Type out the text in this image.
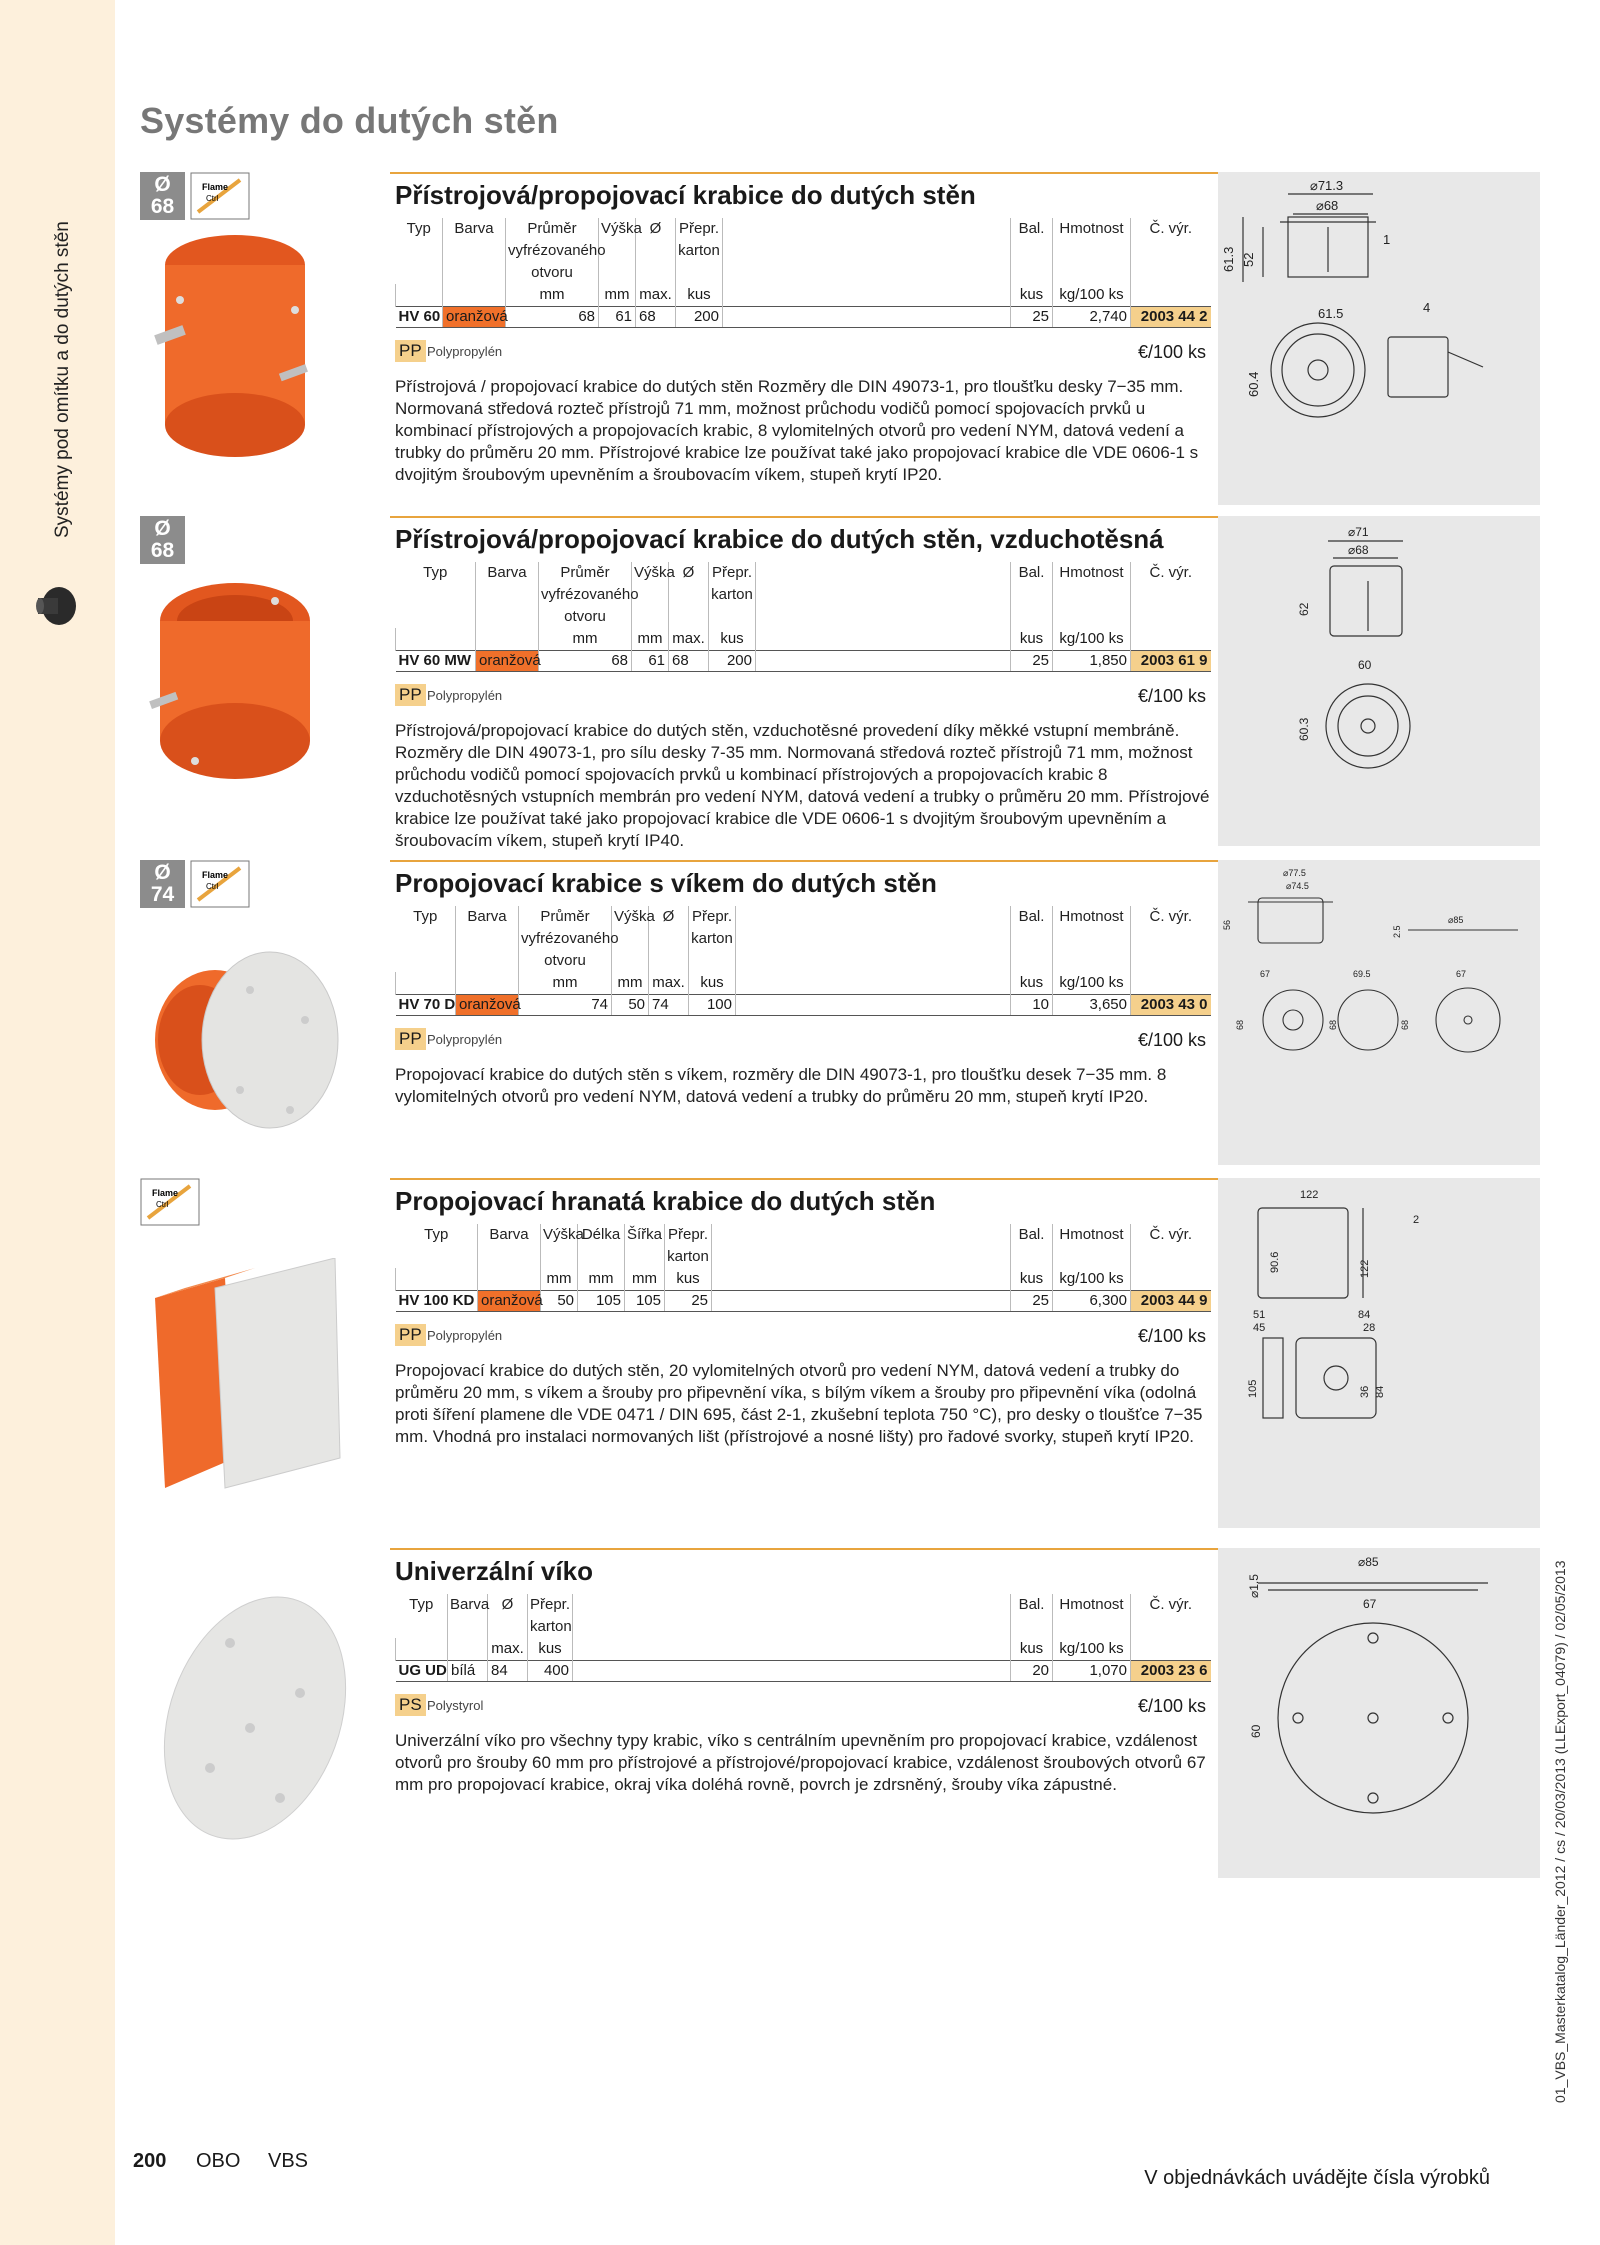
Systémy pod omítku a do dutých stěn
Systémy do dutých stěn
Ø
68
Flame
Ctrl	Přístrojová/propojovací krabice do dutých stěn
Typ	Barva	Průměr vyfrézovaného otvoru	Výška	Ø	Přepr. karton		Bal.	Hmotnost	Č. výr.
		mm	mm	max.	kus		kus	kg/100 ks	
HV 60	oranžová	68	61	68	200		25	2,740	2003 44 2
PP Polypropylén	€/100 ks

Přístrojová / propojovací krabice do dutých stěn Rozměry dle DIN 49073-1, pro tloušťku desky 7−35 mm. Normovaná středová rozteč přístrojů 71 mm, možnost průchodu vodičů pomocí spojovacích prvků u kombinací přístrojových a propojovacích krabic, 8 vylomitelných otvorů pro vedení NYM, datová vedení a trubky do průměru 20 mm. Přístrojové krabice lze používat také jako propojovací krabice dle VDE 0606-1 s dvojitým šroubovým upevněním a šroubovacím víkem, stupeň krytí IP20.

⌀71.3
⌀68
61.3 52
1
61.5	4
60.4
Ø
68	Přístrojová/propojovací krabice do dutých stěn, vzduchotěsná
Typ	Barva	Průměr vyfrézovaného otvoru	Výška	Ø	Přepr. karton		Bal.	Hmotnost	Č. výr.
		mm	mm	max.	kus		kus	kg/100 ks	
HV 60 MW	oranžová	68	61	68	200		25	1,850	2003 61 9
PP Polypropylén	€/100 ks

Přístrojová/propojovací krabice do dutých stěn, vzduchotěsné provedení díky měkké vstupní membráně. Rozměry dle DIN 49073-1, pro sílu desky 7-35 mm. Normovaná středová rozteč přístrojů 71 mm, možnost průchodu vodičů pomocí spojovacích prvků u kombinací přístrojových a propojovacích krabic 8 vzduchotěsných vstupních membrán pro vedení NYM, datová vedení a trubky o průměru 20 mm. Přístrojové krabice lze používat také jako propojovací krabice dle VDE 0606-1 s dvojitým šroubovým upevněním a šroubovacím víkem, stupeň krytí IP40.

⌀71
⌀68
62
60
60.3
Ø
74
Flame
Ctrl	Propojovací krabice s víkem do dutých stěn
Typ	Barva	Průměr vyfrézovaného otvoru	Výška	Ø	Přepr. karton		Bal.	Hmotnost	Č. výr.
		mm	mm	max.	kus		kus	kg/100 ks	
HV 70 D	oranžová	74	50	74	100		10	3,650	2003 43 0
PP Polypropylén	€/100 ks

Propojovací krabice do dutých stěn s víkem, rozměry dle DIN 49073-1, pro tloušťku desek 7−35 mm. 8 vylomitelných otvorů pro vedení NYM, datová vedení a trubky do průměru 20 mm, stupeň krytí IP20.

⌀77.5
⌀74.5
⌀85
56
2.5
67	69.5	67
68	68	68
Flame
Ctrl	Propojovací hranatá krabice do dutých stěn
Typ	Barva	Výška	Délka	Šířka	Přepr. karton		Bal.	Hmotnost	Č. výr.
		mm	mm	mm	kus		kus	kg/100 ks	
HV 100 KD	oranžová	50	105	105	25		25	6,300	2003 44 9
PP Polypropylén	€/100 ks

Propojovací krabice do dutých stěn, 20 vylomitelných otvorů pro vedení NYM, datová vedení a trubky do průměru 20 mm, s víkem a šrouby pro připevnění víka, s bílým víkem a šrouby pro připevnění víka (odolná proti šíření plamene dle VDE 0471 / DIN 695, část 2-1, zkušební teplota 750 °C), pro desky o tloušťce 7−35 mm. Vhodná pro instalaci normovaných lišt (přístrojové a nosné lišty) pro řadové svorky, stupeň krytí IP20.

122
2
90.6	122
51
45
84
28
105	36 84
Univerzální víko
Typ	Barva	Ø	Přepr. karton		Bal.	Hmotnost	Č. výr.
		max.	kus		kus	kg/100 ks	
UG UD	bílá	84	400		20	1,070	2003 23 6
PS Polystyrol	€/100 ks

Univerzální víko pro všechny typy krabic, víko s centrálním upevněním pro propojovací krabice, vzdálenost otvorů pro šrouby 60 mm pro přístrojové a přístrojové/propojovací krabice, vzdálenost šroubových otvorů 67 mm pro propojovací krabice, okraj víka doléhá rovně, povrch je zdrsněný, šrouby víka zápustné.

⌀85
⌀1.5
67
60	01_VBS_Masterkatalog_Länder_2012 / cs / 20/03/2013 (LLExport_04079) / 02/05/2013
200 OBO VBS
V objednávkách uvádějte čísla výrobků
